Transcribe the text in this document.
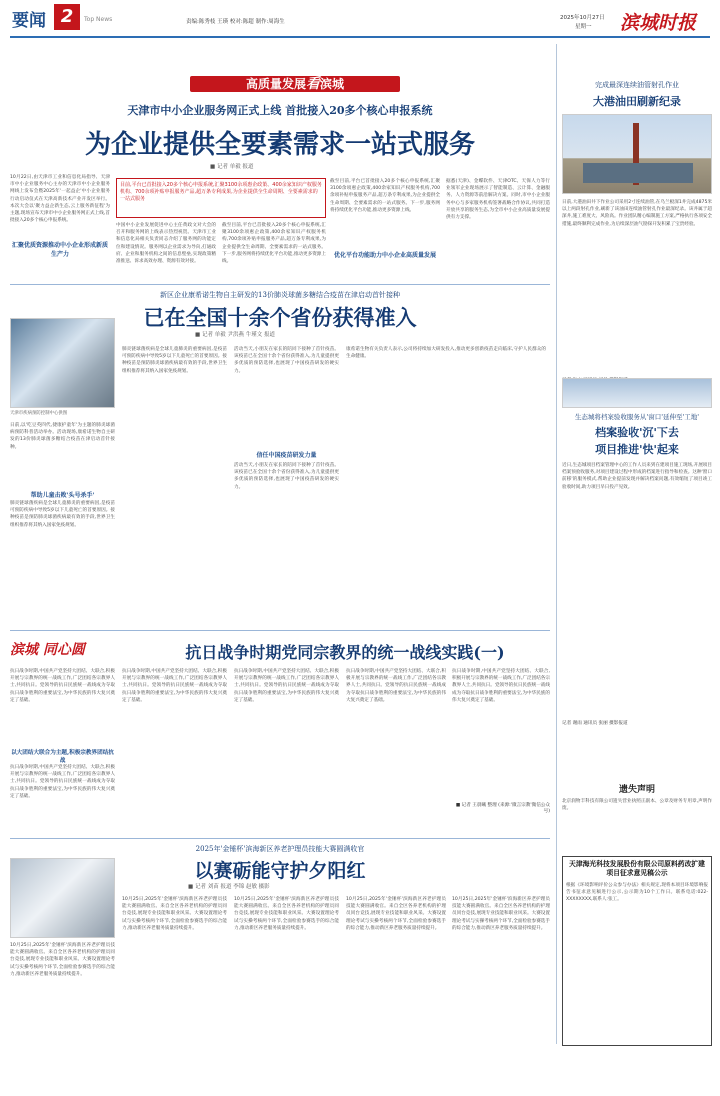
要闻 2	Top News	责编:陈秀枝 王瑛 校对:陈超 制作:周海生
2025年10月27日
星期一 滨城时报
高质量发展看滨城
天津市中小企业服务网正式上线 首批接入20多个核心申报系统
为企业提供全要素需求一站式服务
■ 记者 单毅 报道
10月22日,由天津市工业和信息化局指导、天津市中小企业服务中心主办的天津市中小企业服务网线上发布会暨2025年'一起益企'中小企业服务行动启动仪式在天津高新技术产业开发区举行。本次大会以'聚力益企新生态,云上服务新征程'为主题,现场宣布天津市中小企业服务网正式上线,首批接入20多个核心申报系统。
汇聚优质资源推动中小企业形成新质生产力
目前,平台已首批接入20多个核心申报系统,汇聚3100余项惠企政策、400余家知识产权服务机构、700余项补贴申报服务产品,超万条专利成果,为企业提供全生命周期、全要素需求的一站式服务
中国中小企业发展促进中心主任黄政文对大会的召开和服务网的上线表示热烈祝贺。天津市工业和信息化局相关负责同志介绍了服务网的功能定位和建设情况。服务网以企业需求为导向,打通政府、企业和服务机构之间的信息壁垒,实现政策精准推送、诉求高效办理、资源有效对接。
截至目前,平台已首批接入20多个核心申报系统,汇聚3100余项惠企政策,400余家知识产权服务机构,700余项补贴申报服务产品,超万条专利成果,为企业提供全生命周期、全要素需求的一站式服务。下一步,服务网将持续优化平台功能,推动更多资源上线。
优化平台功能助力中小企业高质量发展
截至目前,平台已首批接入20多个核心申报系统,汇聚3100余项惠企政策,400余家知识产权服务机构,700余项补贴申报服务产品,超万条专利成果,为企业提供全生命周期、全要素需求的一站式服务。下一步,服务网将持续优化平台功能,推动更多资源上线。
据悉(天津)、金蝶软件、天津OTC、天保人力等行业领军企业现场展示了智能制造、云计算、金融服务、人力资源等前沿解决方案。同时,市中小企业服务中心与多家服务机构签署战略合作协议,共同打造开放共享的服务生态,为全市中小企业高质量发展提供有力支撑。
完成最深连续油管射孔作业
大港油田刷新纪录
日前,大港油田井下作业公司采用2寸连续油管,在乌兰板深1井完成4875米以上两段射孔作业,刷新了该油田连续油管射孔作业最深纪录。该井属于超深井,施工难度大、风险高。作业团队精心编制施工方案,严格执行各项安全措施,最终顺利完成作业,为后续深层油气勘探开发积累了宝贵经验。
新区企业康希诺生物自主研发的13价肺炎球菌多糖结合疫苗在津启动首针接种
已在全国十余个省份获得准入
■ 记者 单毅 尹洪燕 牛瑾文 报道
天津市疾病预防控制中心供图
日前,以'吃豆英四代,捷康护童年'为主题的肺炎球菌病预防科普活动举办。活动现场,康希诺生物自主研发的13价肺炎球菌多糖结合疫苗在津启动首针接种。
帮助儿童击败'头号杀手'
肺炎链球菌疾病是全球儿童肺炎的重要病因,是疫苗可预防疾病中导致5岁以下儿童死亡的首要原因。接种疫苗是预防肺炎球菌疾病最有效的手段,世界卫生组织推荐将其纳入国家免疫规划。
肺炎链球菌疾病是全球儿童肺炎的重要病因,是疫苗可预防疾病中导致5岁以下儿童死亡的首要原因。接种疫苗是预防肺炎球菌疾病最有效的手段,世界卫生组织推荐将其纳入国家免疫规划。
活动当天,小朋友在家长的陪同下接种了首针疫苗。该疫苗已在全国十余个省份获得准入,为儿童提供更多优质的预防选择,也展现了中国疫苗研发的硬实力。
信任中国疫苗研发力量
活动当天,小朋友在家长的陪同下接种了首针疫苗。该疫苗已在全国十余个省份获得准入,为儿童提供更多优质的预防选择,也展现了中国疫苗研发的硬实力。
康希诺生物有关负责人表示,公司将持续加大研发投入,推动更多创新疫苗走向临床,守护人民群众的生命健康。
生态城将档案验收服务从'窗口'延伸至'工地'
档案验收'沉'下去
项目推进'快'起来
近日,生态城项目档案管理中心的工作人员来到在建项目施工现场,开展项目档案预验收服务,对项目建设过程中形成的档案进行指导和检查。这种'窗口前移'的服务模式,帮助企业提前发现并解决档案问题,有效缩短了项目竣工验收时间,助力项目早日投产见效。
记者 谢雨 通讯员 张丽 摄影报道
滨城 同心圆	抗日战争时期党同宗教界的统一战线实践(一)
抗日战争时期,中国共产党坚持大团结、大联合,积极开展与宗教界的统一战线工作,广泛团结各宗教界人士,共同抗日。党领导的抗日民族统一战线成为夺取抗日战争胜利的重要法宝,为中华民族的伟大复兴奠定了基础。
以大团结大联合为主题,积极宗教界团结抗战
抗日战争时期,中国共产党坚持大团结、大联合,积极开展与宗教界的统一战线工作,广泛团结各宗教界人士,共同抗日。党领导的抗日民族统一战线成为夺取抗日战争胜利的重要法宝,为中华民族的伟大复兴奠定了基础。
抗日战争时期,中国共产党坚持大团结、大联合,积极开展与宗教界的统一战线工作,广泛团结各宗教界人士,共同抗日。党领导的抗日民族统一战线成为夺取抗日战争胜利的重要法宝,为中华民族的伟大复兴奠定了基础。
抗日战争时期,中国共产党坚持大团结、大联合,积极开展与宗教界的统一战线工作,广泛团结各宗教界人士,共同抗日。党领导的抗日民族统一战线成为夺取抗日战争胜利的重要法宝,为中华民族的伟大复兴奠定了基础。
抗日战争时期,中国共产党坚持大团结、大联合,积极开展与宗教界的统一战线工作,广泛团结各宗教界人士,共同抗日。党领导的抗日民族统一战线成为夺取抗日战争胜利的重要法宝,为中华民族的伟大复兴奠定了基础。
抗日战争时期,中国共产党坚持大团结、大联合,积极开展与宗教界的统一战线工作,广泛团结各宗教界人士,共同抗日。党领导的抗日民族统一战线成为夺取抗日战争胜利的重要法宝,为中华民族的伟大复兴奠定了基础。
■ 记者 王晨曦 整理 (来源:'微言宗教'微信公众号)
遗失声明
北京润物丰科技有限公司遗失营业执照正副本、公章及财务专用章,声明作废。
天津海光科技发展股份有限公司原料药改扩建项目征求意见稿公示
根据《环境影响评价公众参与办法》相关规定,现将本项目环境影响报告书征求意见稿进行公示,公示期为10个工作日。联系电话:022-XXXXXXXX,联系人:张工。
2025年'金锤杯'滨海新区养老护理员技能大赛圆满收官
以赛砺能守护夕阳红
■ 记者 刘苗 报道 李锦 赵敏 摄影
10月25日,2025年'金锤杯'滨海新区养老护理员技能大赛圆满收官。来自全区各养老机构的护理员同台竞技,展现专业技能和职业风采。大赛设置理论考试与实操考核两个环节,全面检验参赛选手的综合能力,推动新区养老服务质量持续提升。
10月25日,2025年'金锤杯'滨海新区养老护理员技能大赛圆满收官。来自全区各养老机构的护理员同台竞技,展现专业技能和职业风采。大赛设置理论考试与实操考核两个环节,全面检验参赛选手的综合能力,推动新区养老服务质量持续提升。
10月25日,2025年'金锤杯'滨海新区养老护理员技能大赛圆满收官。来自全区各养老机构的护理员同台竞技,展现专业技能和职业风采。大赛设置理论考试与实操考核两个环节,全面检验参赛选手的综合能力,推动新区养老服务质量持续提升。
10月25日,2025年'金锤杯'滨海新区养老护理员技能大赛圆满收官。来自全区各养老机构的护理员同台竞技,展现专业技能和职业风采。大赛设置理论考试与实操考核两个环节,全面检验参赛选手的综合能力,推动新区养老服务质量持续提升。
10月25日,2025年'金锤杯'滨海新区养老护理员技能大赛圆满收官。来自全区各养老机构的护理员同台竞技,展现专业技能和职业风采。大赛设置理论考试与实操考核两个环节,全面检验参赛选手的综合能力,推动新区养老服务质量持续提升。
